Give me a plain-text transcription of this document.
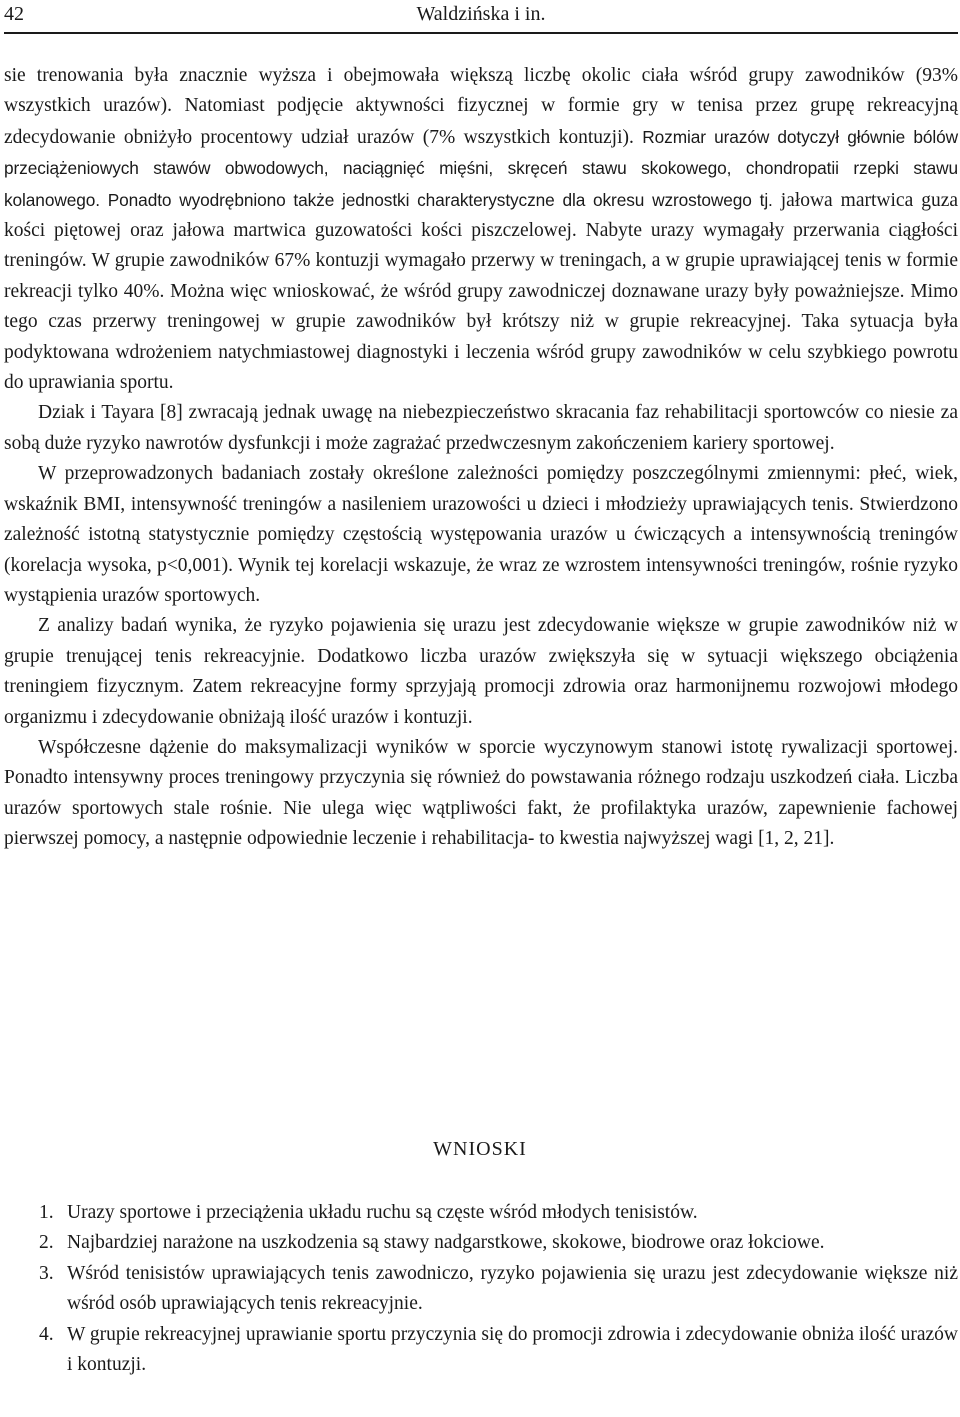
42	Waldzińska i in.

sie trenowania była znacznie wyższa i obejmowała większą liczbę okolic ciała wśród grupy zawodników (93% wszystkich urazów). Natomiast podjęcie aktywności fizycznej w formie gry w tenisa przez grupę rekreacyjną zdecydowanie obniżyło procentowy udział urazów (7% wszystkich kontuzji). Rozmiar urazów dotyczył głównie bólów przeciążeniowych stawów obwodowych, naciągnięć mięśni, skręceń stawu skokowego, chondropatii rzepki stawu kolanowego. Ponadto wyodrębniono także jednostki charakterystyczne dla okresu wzrostowego tj. jałowa martwica guza kości piętowej oraz jałowa martwica guzowatości kości piszczelowej. Nabyte urazy wymagały przerwania ciągłości treningów. W grupie zawodników 67% kontuzji wymagało przerwy w treningach, a w grupie uprawiającej tenis w formie rekreacji tylko 40%. Można więc wnioskować, że wśród grupy zawodniczej doznawane urazy były poważniejsze. Mimo tego czas przerwy treningowej w grupie zawodników był krótszy niż w grupie rekreacyjnej. Taka sytuacja była podyktowana wdrożeniem natychmiastowej diagnostyki i leczenia wśród grupy zawodników w celu szybkiego powrotu do uprawiania sportu.

Dziak i Tayara [8] zwracają jednak uwagę na niebezpieczeństwo skracania faz rehabilitacji sportowców co niesie za sobą duże ryzyko nawrotów dysfunkcji i może zagrażać przedwczesnym zakończeniem kariery sportowej.

W przeprowadzonych badaniach zostały określone zależności pomiędzy poszczególnymi zmiennymi: płeć, wiek, wskaźnik BMI, intensywność treningów a nasileniem urazowości u dzieci i młodzieży uprawiających tenis. Stwierdzono zależność istotną statystycznie pomiędzy częstością występowania urazów u ćwiczących a intensywnością treningów (korelacja wysoka, p<0,001). Wynik tej korelacji wskazuje, że wraz ze wzrostem intensywności treningów, rośnie ryzyko wystąpienia urazów sportowych.

Z analizy badań wynika, że ryzyko pojawienia się urazu jest zdecydowanie większe w grupie zawodników niż w grupie trenującej tenis rekreacyjnie. Dodatkowo liczba urazów zwiększyła się w sytuacji większego obciążenia treningiem fizycznym. Zatem rekreacyjne formy sprzyjają promocji zdrowia oraz harmonijnemu rozwojowi młodego organizmu i zdecydowanie obniżają ilość urazów i kontuzji.

Współczesne dążenie do maksymalizacji wyników w sporcie wyczynowym stanowi istotę rywalizacji sportowej. Ponadto intensywny proces treningowy przyczynia się również do powstawania różnego rodzaju uszkodzeń ciała. Liczba urazów sportowych stale rośnie. Nie ulega więc wątpliwości fakt, że profilaktyka urazów, zapewnienie fachowej pierwszej pomocy, a następnie odpowiednie leczenie i rehabilitacja- to kwestia najwyższej wagi [1, 2, 21].

WNIOSKI
1. Urazy sportowe i przeciążenia układu ruchu są częste wśród młodych tenisistów.
2. Najbardziej narażone na uszkodzenia są stawy nadgarstkowe, skokowe, biodrowe oraz łokciowe.
3. Wśród tenisistów uprawiających tenis zawodniczo, ryzyko pojawienia się urazu jest zdecydowanie większe niż wśród osób uprawiających tenis rekreacyjnie.
4. W grupie rekreacyjnej uprawianie sportu przyczynia się do promocji zdrowia i zdecydowanie obniża ilość urazów i kontuzji.
